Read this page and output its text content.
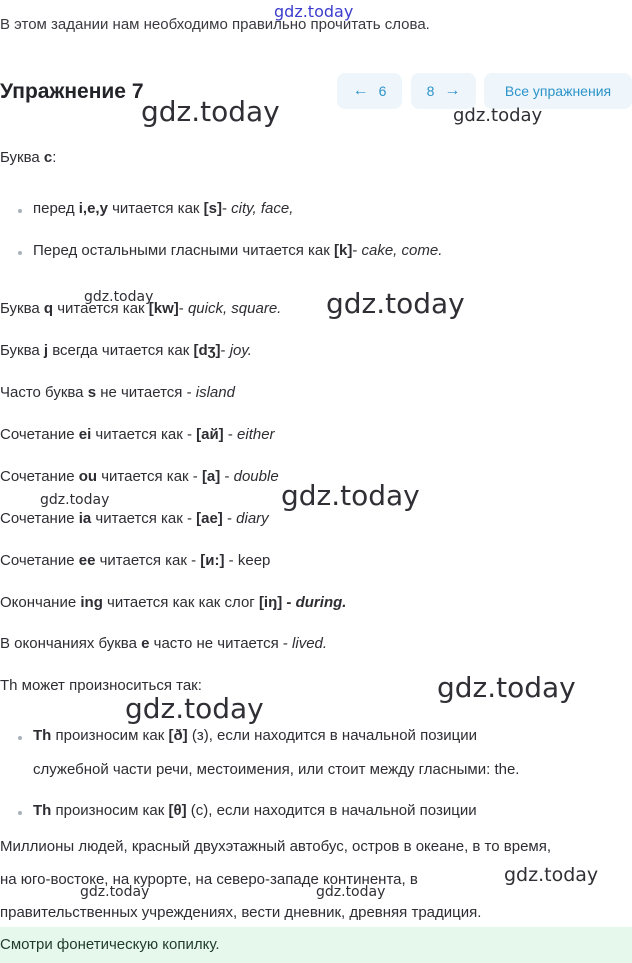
В этом задании нам необходимо правильно прочитать слова.
Упражнение 7	← 6	8 →	Все упражнения
Буква с:
перед i,e,y читается как [s]- city, face,
Перед остальными гласными читается как [k]- cake, come.
Буква q читается как [kw]- quick, square.
Буква j всегда читается как [dʒ]- joy.
Часто буква s не читается - island
Сочетание ei читается как - [ай] - either
Сочетание ou читается как - [а] - double
Сочетание ia читается как - [ае] - diary
Сочетание ee читается как - [и:] - keep
Окончание ing читается как как слог [iŋ] - during.
В окончаниях буква e часто не читается - lived.
Th может произноситься так:
Th произносим как [ð] (з), если находится в начальной позиции
служебной части речи, местоимения, или стоит между гласными: the.
Th произносим как [θ] (с), если находится в начальной позиции
Миллионы людей, красный двухэтажный автобус, остров в океане, в то время,
на юго-востоке, на курорте, на северо-западе континента, в
правительственных учреждениях, вести дневник, древняя традиция.
Смотри фонетическую копилку.
gdz.today
gdz.today	gdz.today
gdz.today	gdz.today
gdz.today	gdz.today
gdz.today
gdz.today
gdz.today
gdz.today	gdz.today
